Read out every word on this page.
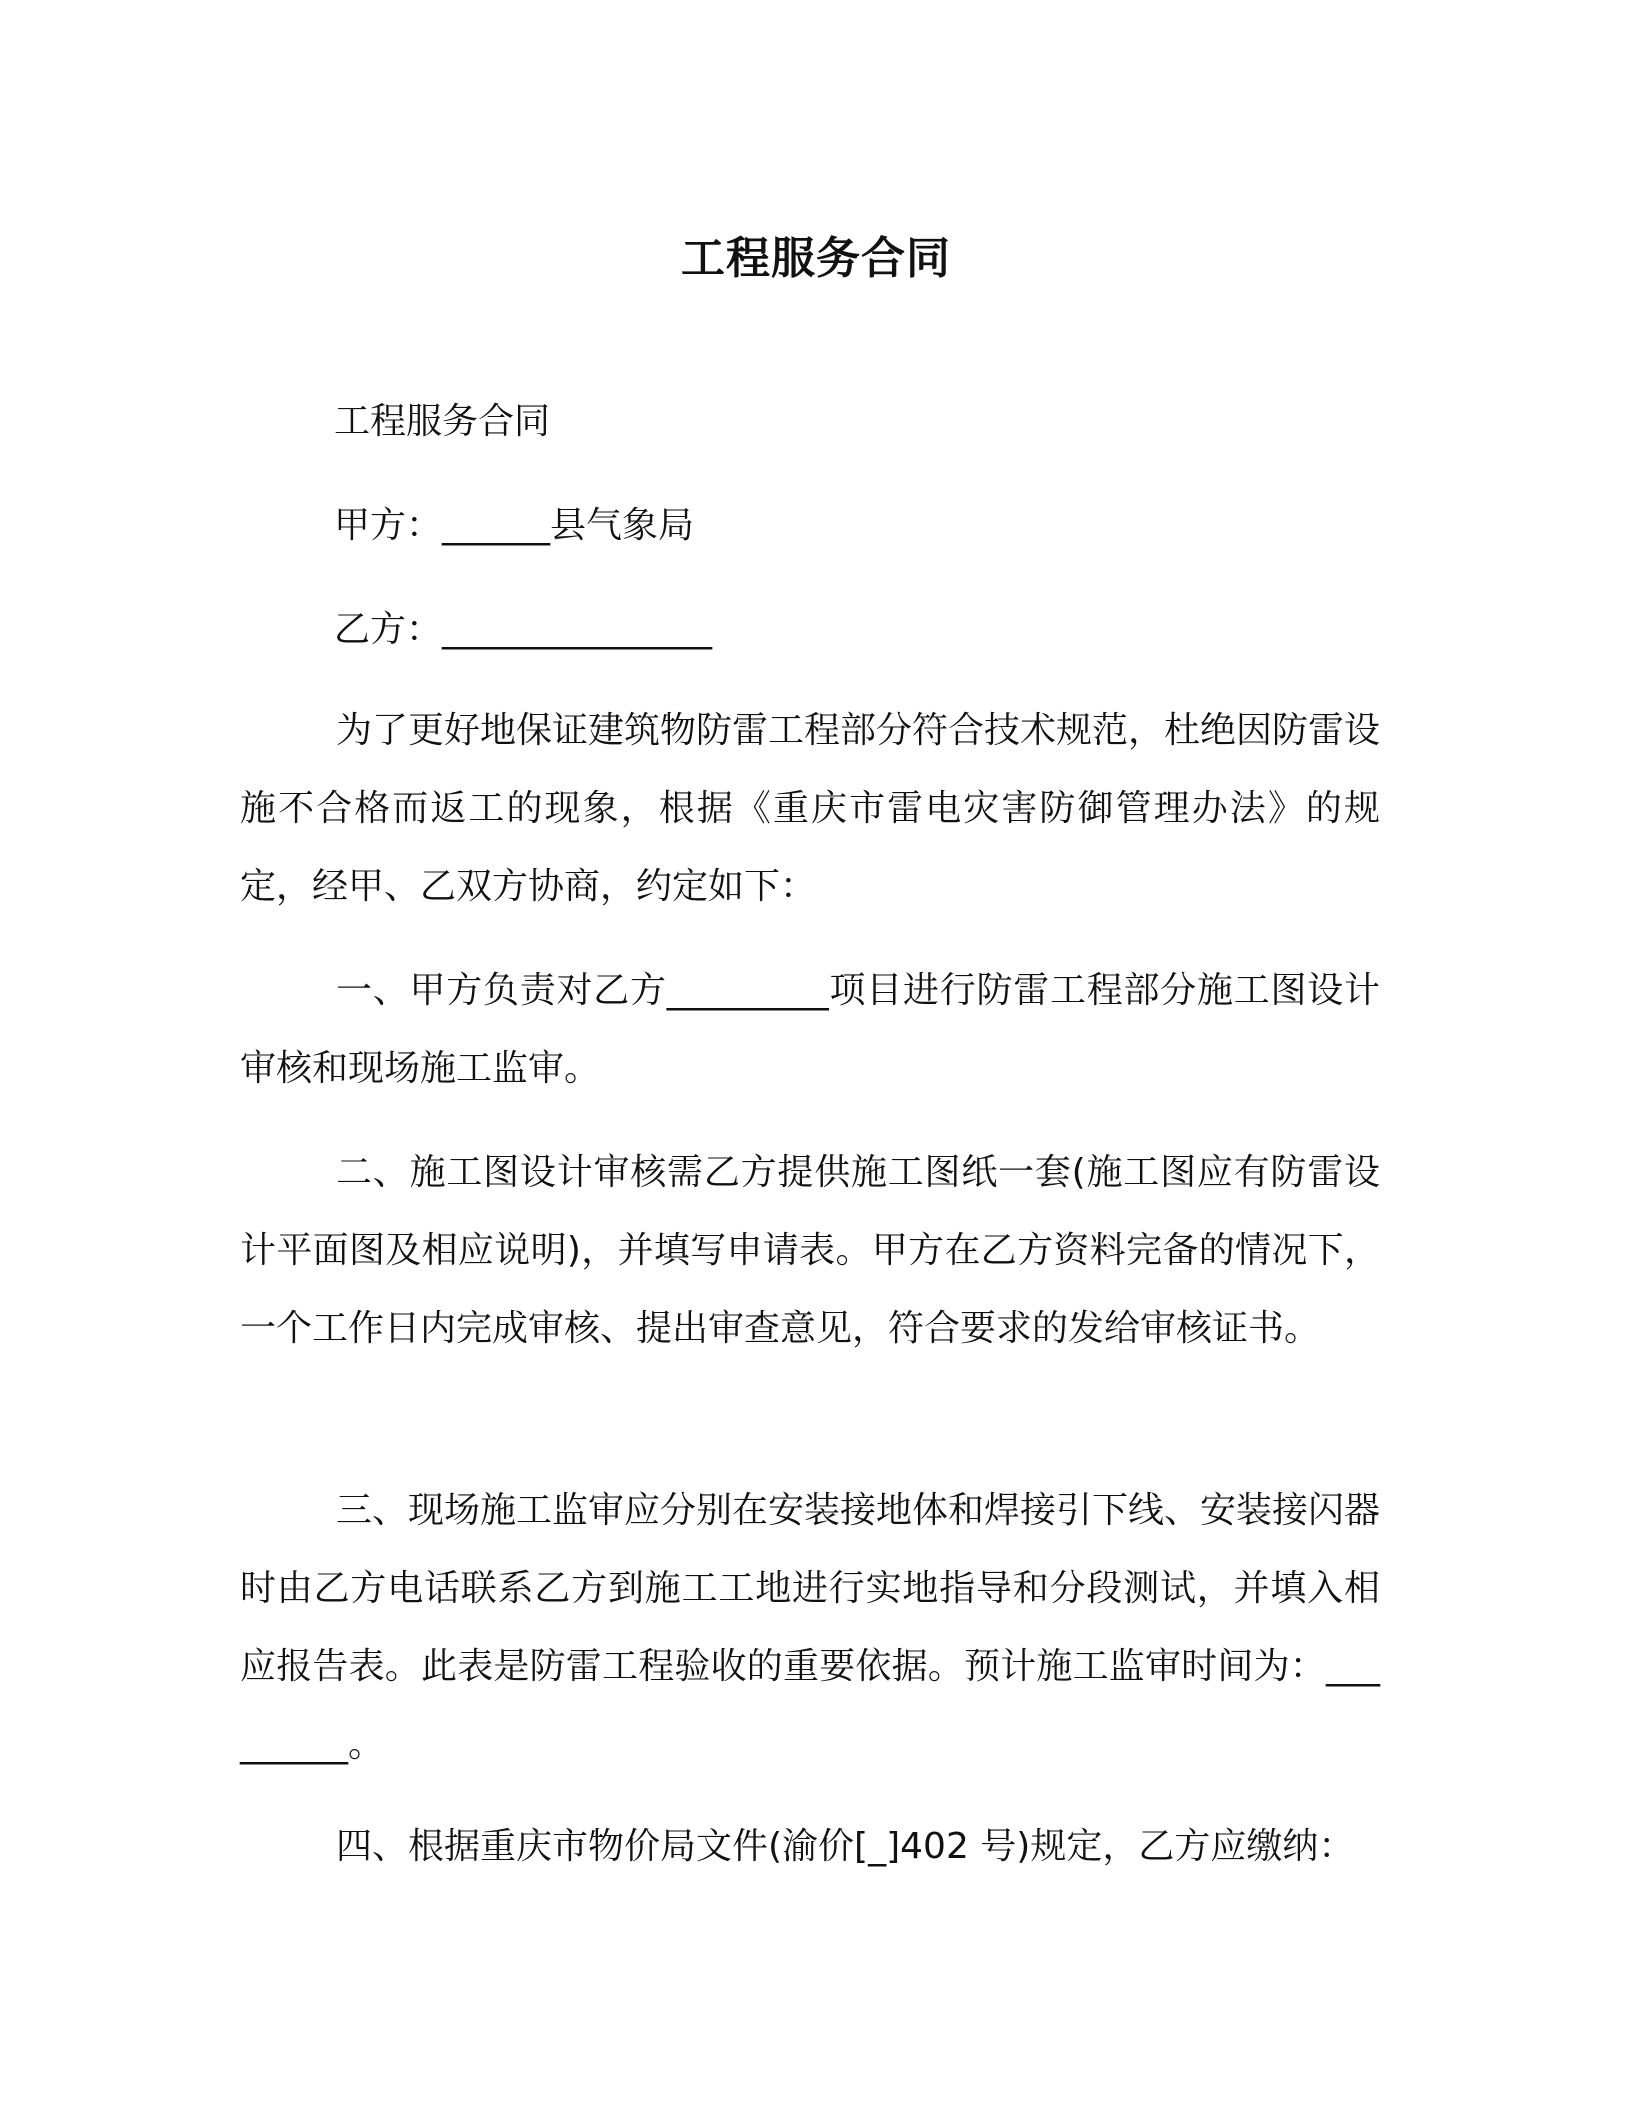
工程服务合同
工程服务合同
甲方：______县气象局
乙方：_______________

为了更好地保证建筑物防雷工程部分符合技术规范，杜绝因防雷设施不合格而返工的现象，根据《重庆市雷电灾害防御管理办法》的规定，经甲、乙双方协商，约定如下：

一、甲方负责对乙方_________项目进行防雷工程部分施工图设计审核和现场施工监审。

二、施工图设计审核需乙方提供施工图纸一套(施工图应有防雷设计平面图及相应说明)，并填写申请表。甲方在乙方资料完备的情况下，一个工作日内完成审核、提出审查意见，符合要求的发给审核证书。

三、现场施工监审应分别在安装接地体和焊接引下线、安装接闪器时由乙方电话联系乙方到施工工地进行实地指导和分段测试，并填入相应报告表。此表是防雷工程验收的重要依据。预计施工监审时间为：_________。

四、根据重庆市物价局文件(渝价[_]402 号)规定，乙方应缴纳：
